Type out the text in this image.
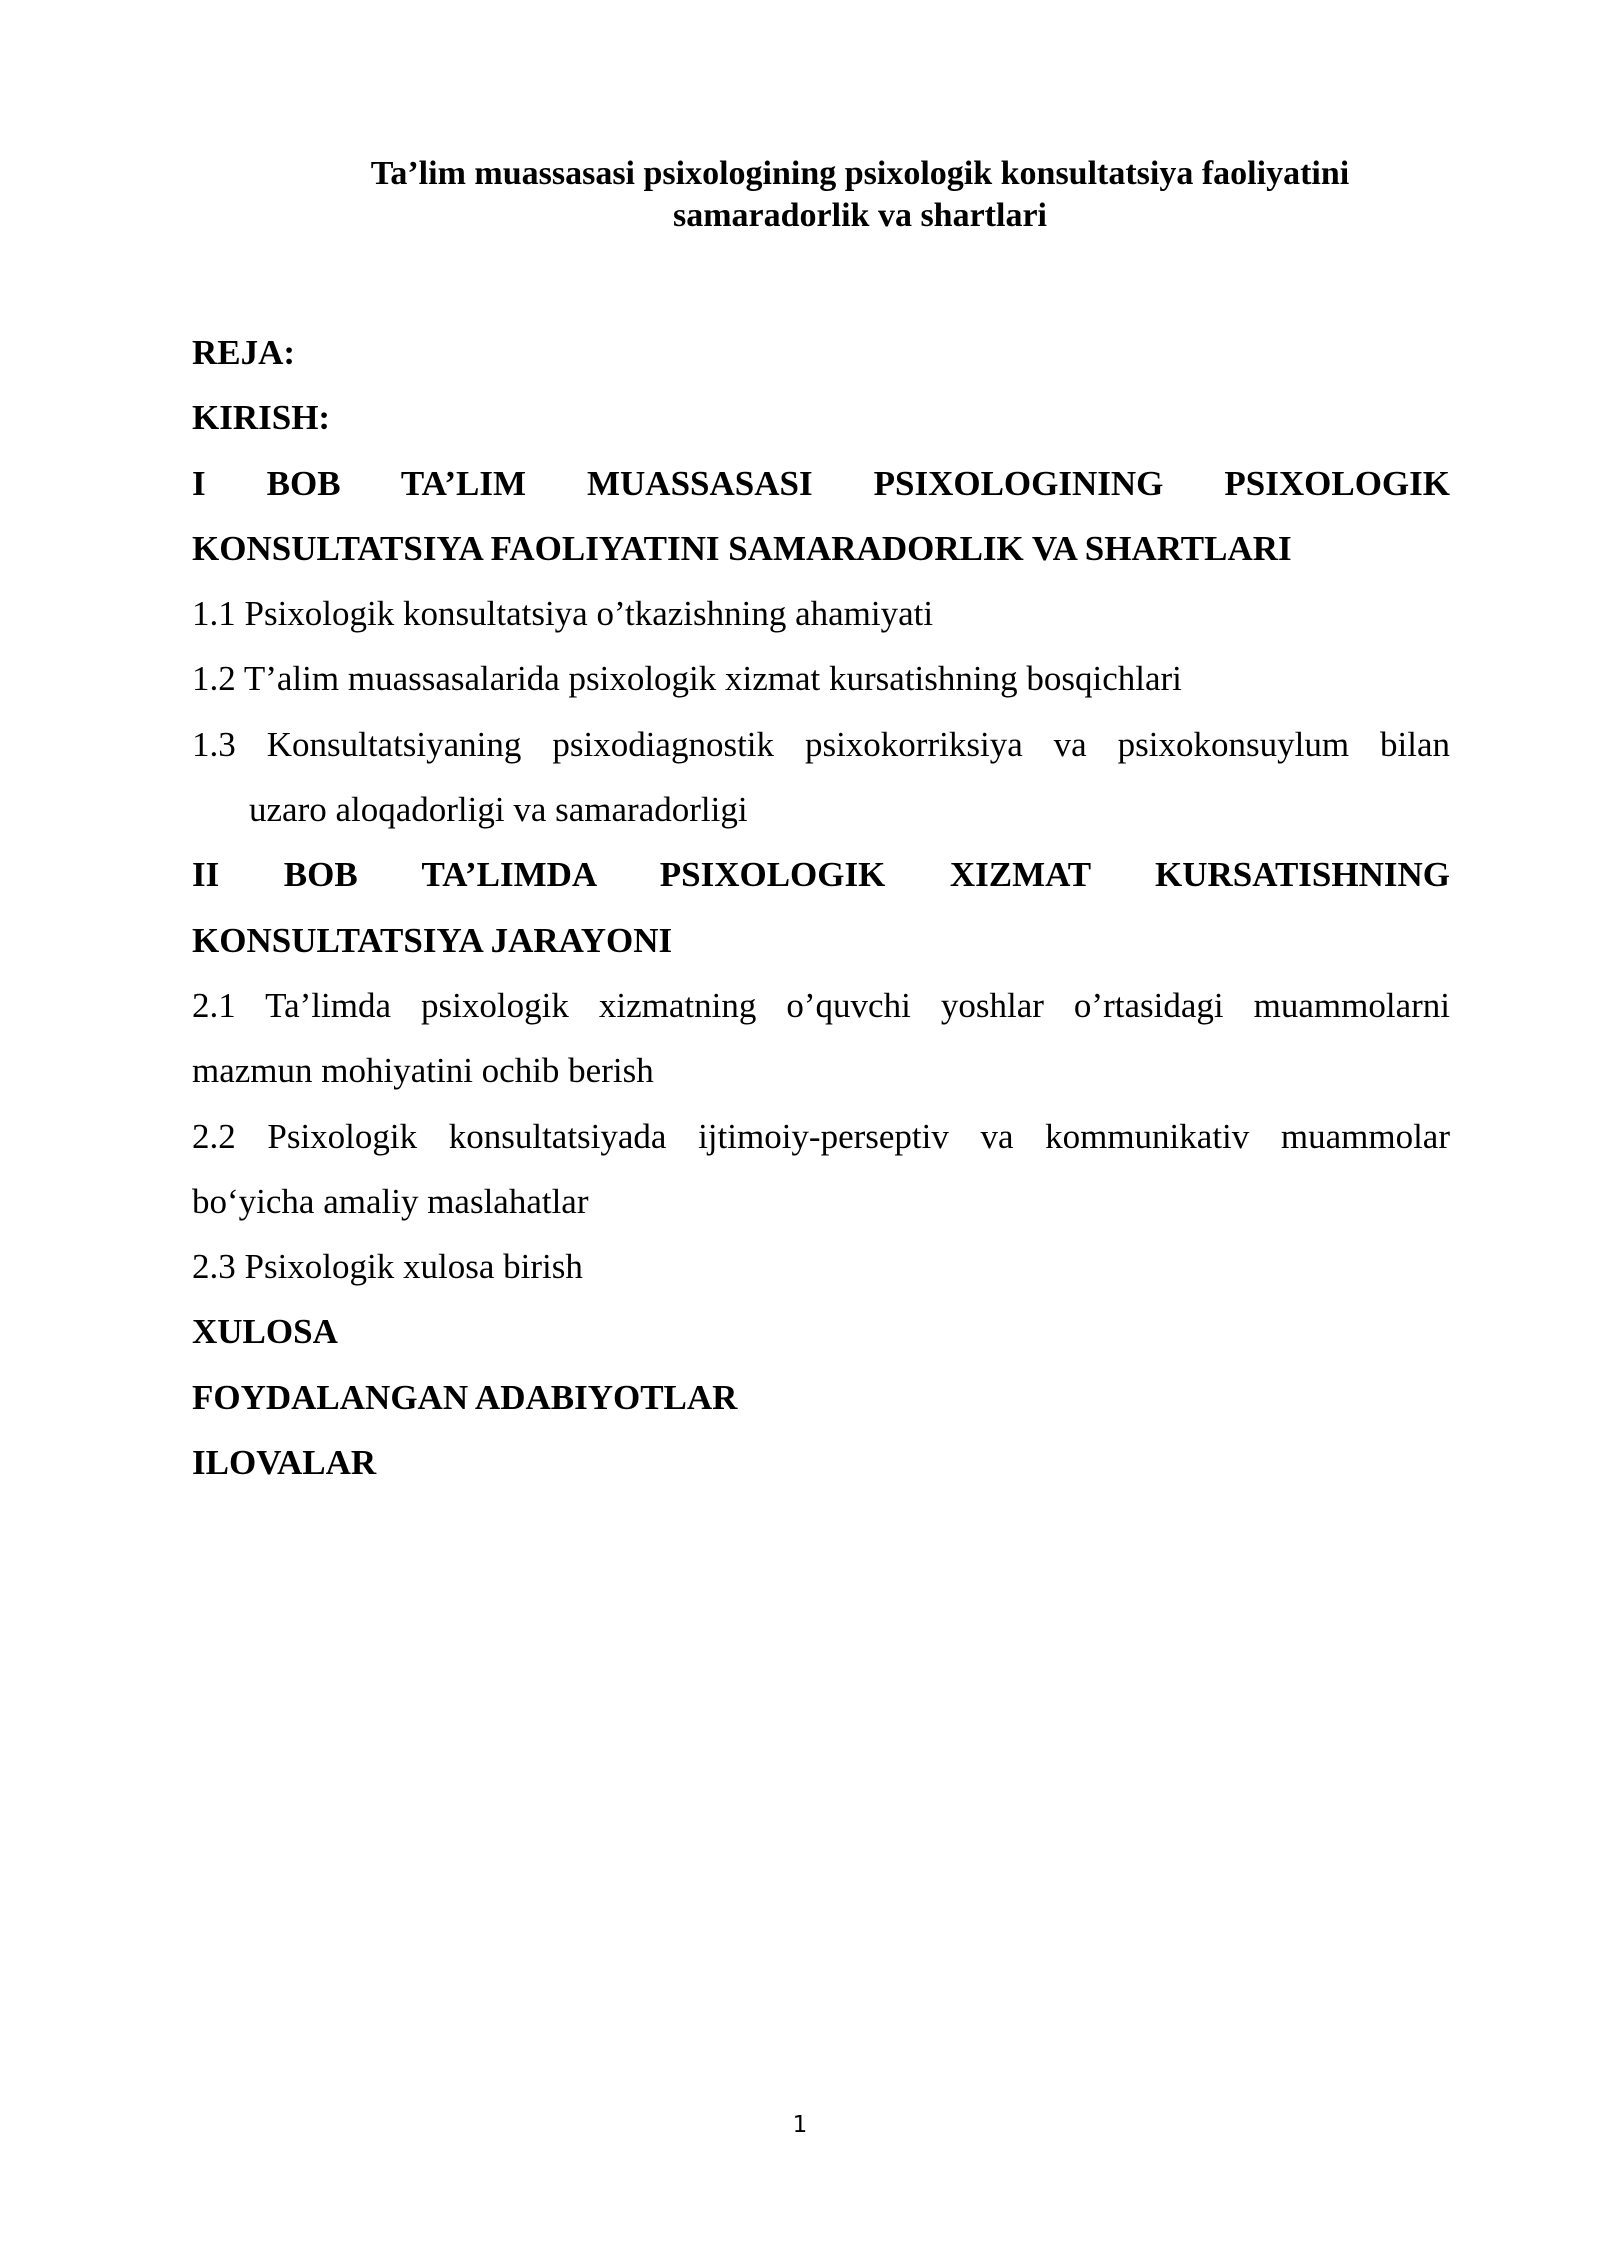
Ta’lim muassasasi psixologining psixologik konsultatsiya faoliyatini
samaradorlik va shartlari
REJA:
KIRISH:
I BOB TA’LIM MUASSASASI PSIXOLOGINING PSIXOLOGIK
KONSULTATSIYA FAOLIYATINI SAMARADORLIK VA SHARTLARI
1.1 Psixologik konsultatsiya o’tkazishning ahamiyati
1.2 T’alim muassasalarida psixologik xizmat kursatishning bosqichlari
1.3 Konsultatsiyaning psixodiagnostik psixokorriksiya va psixokonsuylum bilan
uzaro aloqadorligi va samaradorligi
II BOB TA’LIMDA PSIXOLOGIK XIZMAT KURSATISHNING
KONSULTATSIYA JARAYONI
2.1 Ta’limda psixologik xizmatning o’quvchi yoshlar o’rtasidagi muammolarni
mazmun mohiyatini ochib berish
2.2 Psixologik konsultatsiyada ijtimoiy-perseptiv va kommunikativ muammolar
bo‘yicha amaliy maslahatlar
2.3 Psixologik xulosa birish
XULOSA
FOYDALANGAN ADABIYOTLAR
ILOVALAR
1
